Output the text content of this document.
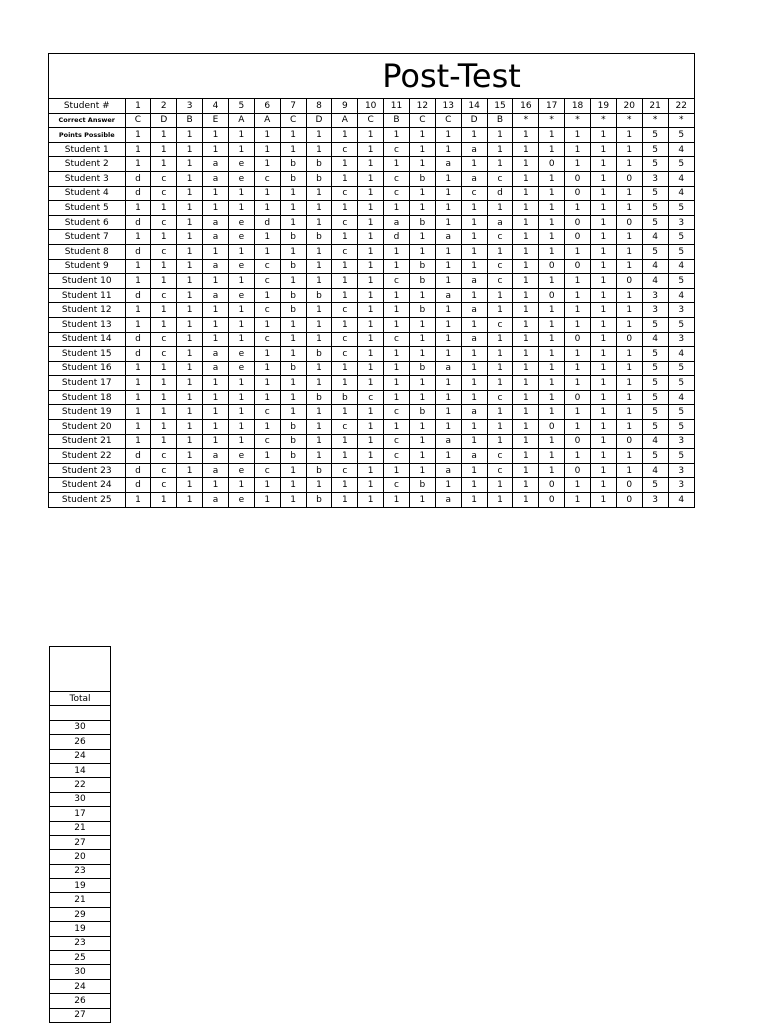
Post-Test
Student #	1	2	3	4	5	6	7	8	9	10	11	12	13	14	15	16	17	18	19	20	21	22
Correct Answer	C	D	B	E	A	A	C	D	A	C	B	C	C	D	B	*	*	*	*	*	*	*
Points Possible	1	1	1	1	1	1	1	1	1	1	1	1	1	1	1	1	1	1	1	1	5	5
Student 1	1	1	1	1	1	1	1	1	c	1	c	1	1	a	1	1	1	1	1	1	5	4
Student 2	1	1	1	a	e	1	b	b	1	1	1	1	a	1	1	1	0	1	1	1	5	5
Student 3	d	c	1	a	e	c	b	b	1	1	c	b	1	a	c	1	1	0	1	0	3	4
Student 4	d	c	1	1	1	1	1	1	c	1	c	1	1	c	d	1	1	0	1	1	5	4
Student 5	1	1	1	1	1	1	1	1	1	1	1	1	1	1	1	1	1	1	1	1	5	5
Student 6	d	c	1	a	e	d	1	1	c	1	a	b	1	1	a	1	1	0	1	0	5	3
Student 7	1	1	1	a	e	1	b	b	1	1	d	1	a	1	c	1	1	0	1	1	4	5
Student 8	d	c	1	1	1	1	1	1	c	1	1	1	1	1	1	1	1	1	1	1	5	5
Student 9	1	1	1	a	e	c	b	1	1	1	1	b	1	1	c	1	0	0	1	1	4	4
Student 10	1	1	1	1	1	c	1	1	1	1	c	b	1	a	c	1	1	1	1	0	4	5
Student 11	d	c	1	a	e	1	b	b	1	1	1	1	a	1	1	1	0	1	1	1	3	4
Student 12	1	1	1	1	1	c	b	1	c	1	1	b	1	a	1	1	1	1	1	1	3	3
Student 13	1	1	1	1	1	1	1	1	1	1	1	1	1	1	c	1	1	1	1	1	5	5
Student 14	d	c	1	1	1	c	1	1	c	1	c	1	1	a	1	1	1	0	1	0	4	3
Student 15	d	c	1	a	e	1	1	b	c	1	1	1	1	1	1	1	1	1	1	1	5	4
Student 16	1	1	1	a	e	1	b	1	1	1	1	b	a	1	1	1	1	1	1	1	5	5
Student 17	1	1	1	1	1	1	1	1	1	1	1	1	1	1	1	1	1	1	1	1	5	5
Student 18	1	1	1	1	1	1	1	b	b	c	1	1	1	1	c	1	1	0	1	1	5	4
Student 19	1	1	1	1	1	c	1	1	1	1	c	b	1	a	1	1	1	1	1	1	5	5
Student 20	1	1	1	1	1	1	b	1	c	1	1	1	1	1	1	1	0	1	1	1	5	5
Student 21	1	1	1	1	1	c	b	1	1	1	c	1	a	1	1	1	1	0	1	0	4	3
Student 22	d	c	1	a	e	1	b	1	1	1	c	1	1	a	c	1	1	1	1	1	5	5
Student 23	d	c	1	a	e	c	1	b	c	1	1	1	a	1	c	1	1	0	1	1	4	3
Student 24	d	c	1	1	1	1	1	1	1	1	c	b	1	1	1	1	0	1	1	0	5	3
Student 25	1	1	1	a	e	1	1	b	1	1	1	1	a	1	1	1	0	1	1	0	3	4

Total

30
26
24
14
22
30
17
21
27
20
23
19
21
29
19
23
25
30
24
26
27
